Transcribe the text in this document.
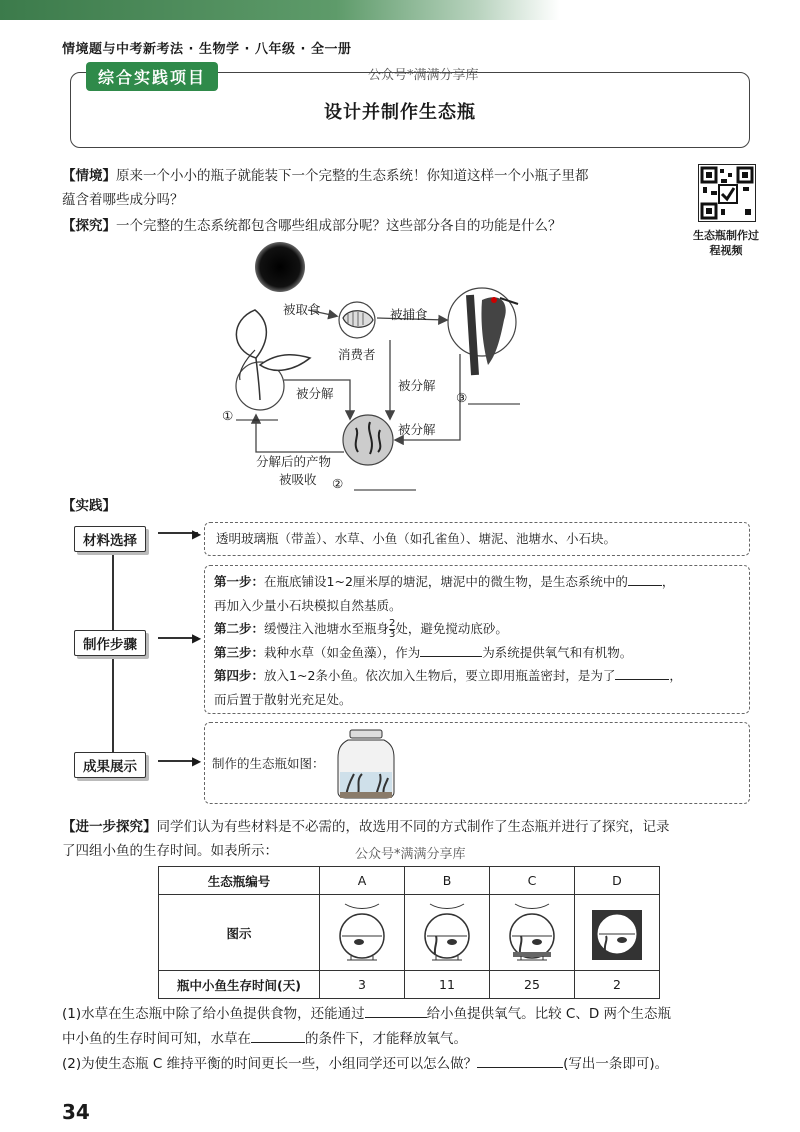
情境题与中考新考法 · 生物学 · 八年级 · 全一册
综合实践项目	公众号*满满分享库
设计并制作生态瓶
【情境】原来一个小小的瓶子就能装下一个完整的生态系统！你知道这样一个小瓶子里都
蕴含着哪些成分吗？
【探究】一个完整的生态系统都包含哪些组成部分呢？这些部分各自的功能是什么？
生态瓶制作过程视频
被取食	被捕食
消费者
被分解
被分解
被分解
分解后的产物
被吸收
①
②
③
【实践】
材料选择	▶ 透明玻璃瓶（带盖）、水草、小鱼（如孔雀鱼）、塘泥、池塘水、小石块。
制作步骤	▶
第一步：在瓶底铺设1~2厘米厚的塘泥，塘泥中的微生物，是生态系统中的	，
再加入少量小石块模拟自然基质。
第二步：缓慢注入池塘水至瓶身 $\frac{2}{3}$ 处，避免搅动底砂。
第三步：栽种水草（如金鱼藻），作为	为系统提供氧气和有机物。
第四步：放入1~2条小鱼。依次加入生物后，要立即用瓶盖密封，是为了	，
而后置于散射光充足处。
成果展示	▶ 制作的生态瓶如图：
【进一步探究】同学们认为有些材料是不必需的，故选用不同的方式制作了生态瓶并进行了探究，记录
了四组小鱼的生存时间。如表所示：	公众号*满满分享库
生态瓶编号	A	B	C	D
图示				
瓶中小鱼生存时间(天)	3	11	25	2
(1)水草在生态瓶中除了给小鱼提供食物，还能通过	给小鱼提供氧气。比较 C、D 两个生态瓶
中小鱼的生存时间可知，水草在	的条件下，才能释放氧气。
(2)为使生态瓶 C 维持平衡的时间更长一些，小组同学还可以怎么做？	(写出一条即可)。
34
